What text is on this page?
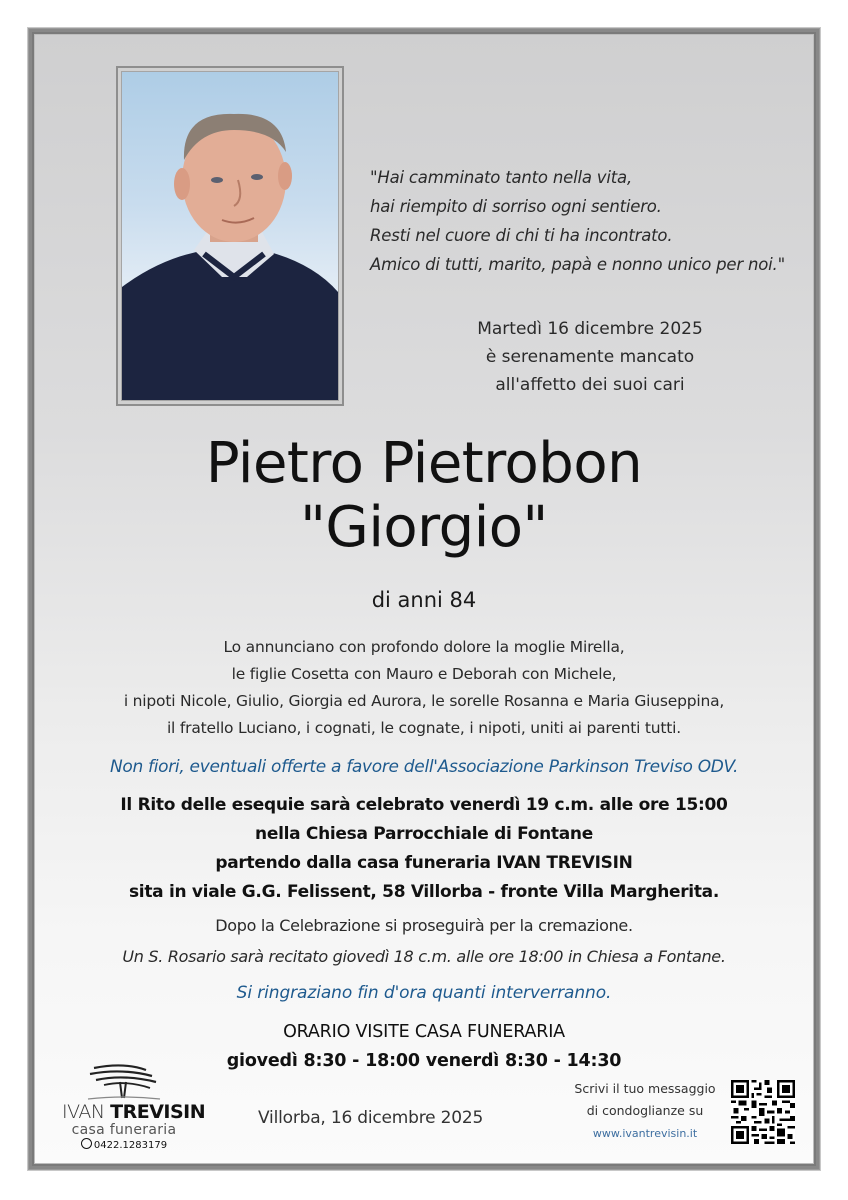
"Hai camminato tanto nella vita,
hai riempito di sorriso ogni sentiero.
Resti nel cuore di chi ti ha incontrato.
Amico di tutti, marito, papà e nonno unico per noi."
Martedì 16 dicembre 2025
è serenamente mancato
all'affetto dei suoi cari
Pietro Pietrobon
"Giorgio"
di anni 84
Lo annunciano con profondo dolore la moglie Mirella,
le figlie Cosetta con Mauro e Deborah con Michele,
i nipoti Nicole, Giulio, Giorgia ed Aurora, le sorelle Rosanna e Maria Giuseppina,
il fratello Luciano, i cognati, le cognate, i nipoti, uniti ai parenti tutti.
Non fiori, eventuali offerte a favore dell'Associazione Parkinson Treviso ODV.
Il Rito delle esequie sarà celebrato venerdì 19 c.m. alle ore 15:00
nella Chiesa Parrocchiale di Fontane
partendo dalla casa funeraria IVAN TREVISIN
sita in viale G.G. Felissent, 58 Villorba - fronte Villa Margherita.
Dopo la Celebrazione si proseguirà per la cremazione.
Un S. Rosario sarà recitato giovedì 18 c.m. alle ore 18:00 in Chiesa a Fontane.
Si ringraziano fin d'ora quanti interverranno.
ORARIO VISITE CASA FUNERARIA
giovedì 8:30 - 18:00 venerdì 8:30 - 14:30
IVAN TREVISIN
casa funeraria
0422.1283179
Villorba, 16 dicembre 2025
Scrivi il tuo messaggio
di condoglianze su
www.ivantrevisin.it
